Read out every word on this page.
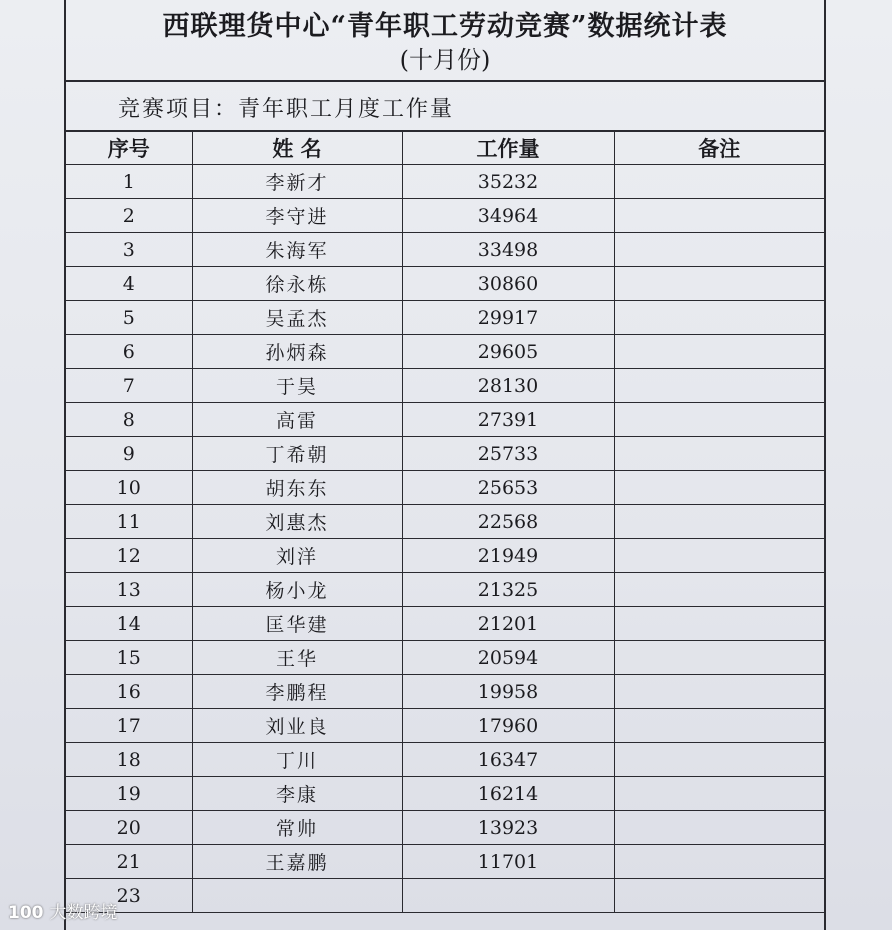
西联理货中心“青年职工劳动竞赛”数据统计表
(十月份)
竞赛项目：青年职工月度工作量
序号	姓 名	工作量	备注
1	李新才	35232	
2	李守进	34964	
3	朱海军	33498	
4	徐永栋	30860	
5	吴孟杰	29917	
6	孙炳森	29605	
7	于昊	28130	
8	高雷	27391	
9	丁希朝	25733	
10	胡东东	25653	
11	刘惠杰	22568	
12	刘洋	21949	
13	杨小龙	21325	
14	匡华建	21201	
15	王华	20594	
16	李鹏程	19958	
17	刘业良	17960	
18	丁川	16347	
19	李康	16214	
20	常帅	13923	
21	王嘉鹏	11701	
23			
100 大数跨境
